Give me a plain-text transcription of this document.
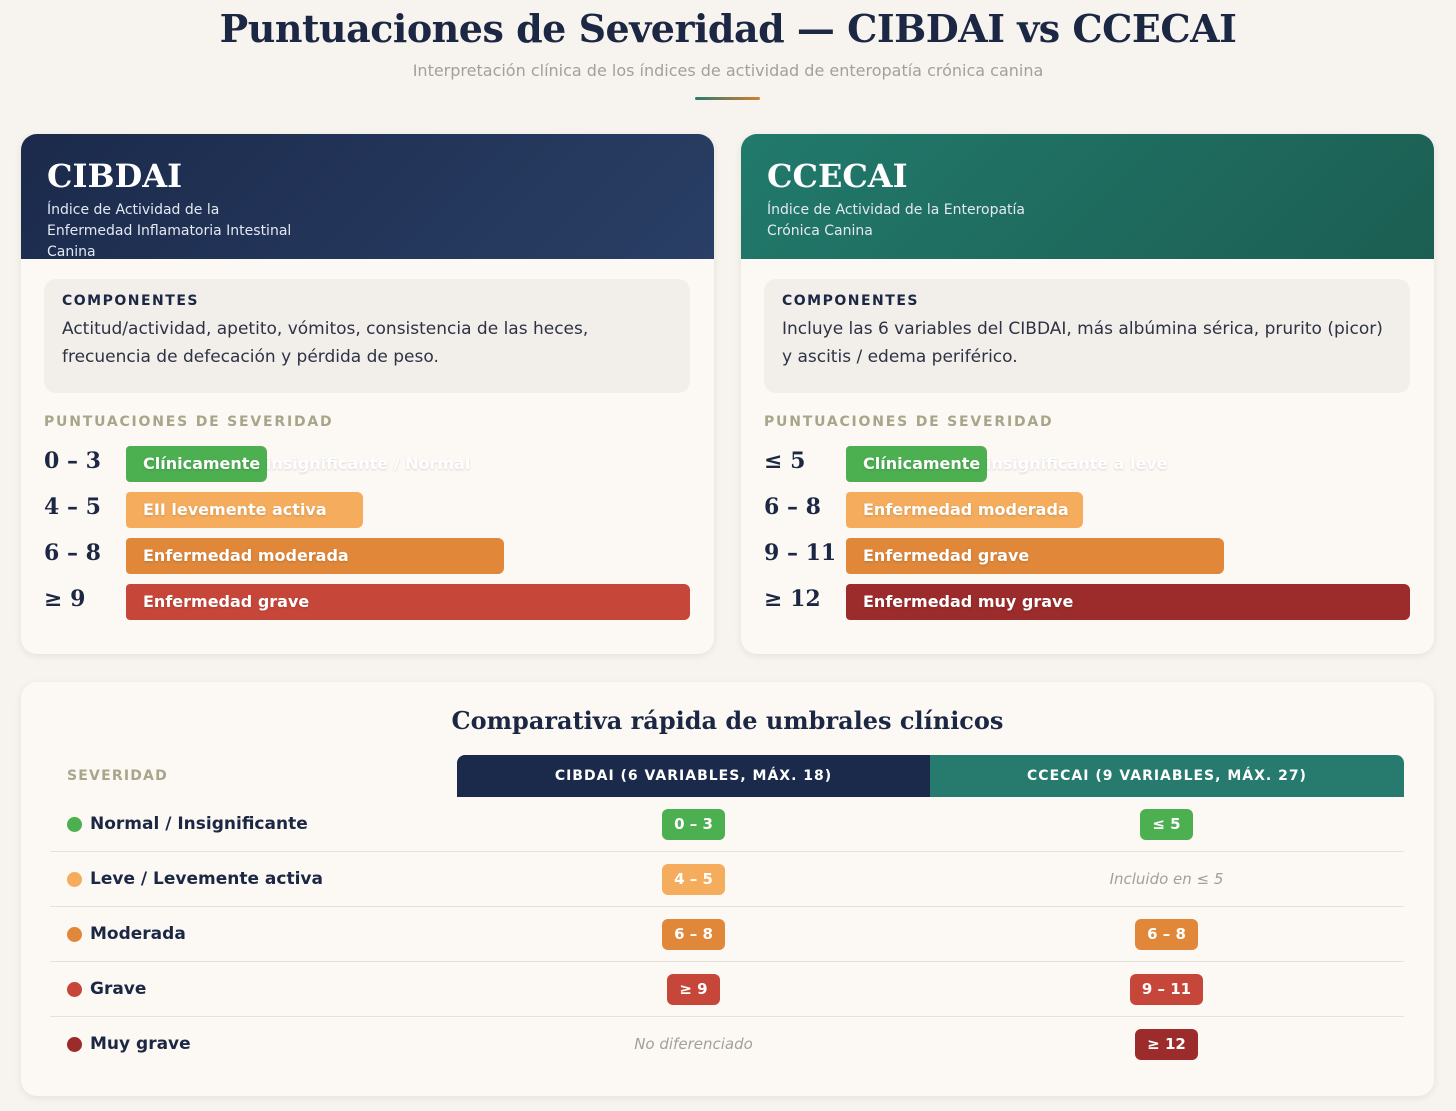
Puntuaciones de Severidad — CIBDAI vs CCECAI
Interpretación clínica de los índices de actividad de enteropatía crónica canina
CIBDAI
Índice de Actividad de la Enfermedad Inflamatoria Intestinal Canina
COMPONENTES
Actitud/actividad, apetito, vómitos, consistencia de las heces, frecuencia de defecación y pérdida de peso.
PUNTUACIONES DE SEVERIDAD
0 – 3	Clínicamente insignificante / Normal
4 – 5	EII levemente activa
6 – 8	Enfermedad moderada
≥ 9	Enfermedad grave
CCECAI
Índice de Actividad de la Enteropatía Crónica Canina
COMPONENTES
Incluye las 6 variables del CIBDAI, más albúmina sérica, prurito (picor) y ascitis / edema periférico.
PUNTUACIONES DE SEVERIDAD
≤ 5	Clínicamente insignificante a leve
6 – 8	Enfermedad moderada
9 – 11 Enfermedad grave
≥ 12	Enfermedad muy grave
Comparativa rápida de umbrales clínicos
SEVERIDAD	CIBDAI (6 VARIABLES, MÁX. 18)	CCECAI (9 VARIABLES, MÁX. 27)
Normal / Insignificante	0 – 3	≤ 5
Leve / Levemente activa	4 – 5	Incluido en ≤ 5
Moderada	6 – 8	6 – 8
Grave	≥ 9	9 – 11
Muy grave	No diferenciado	≥ 12
